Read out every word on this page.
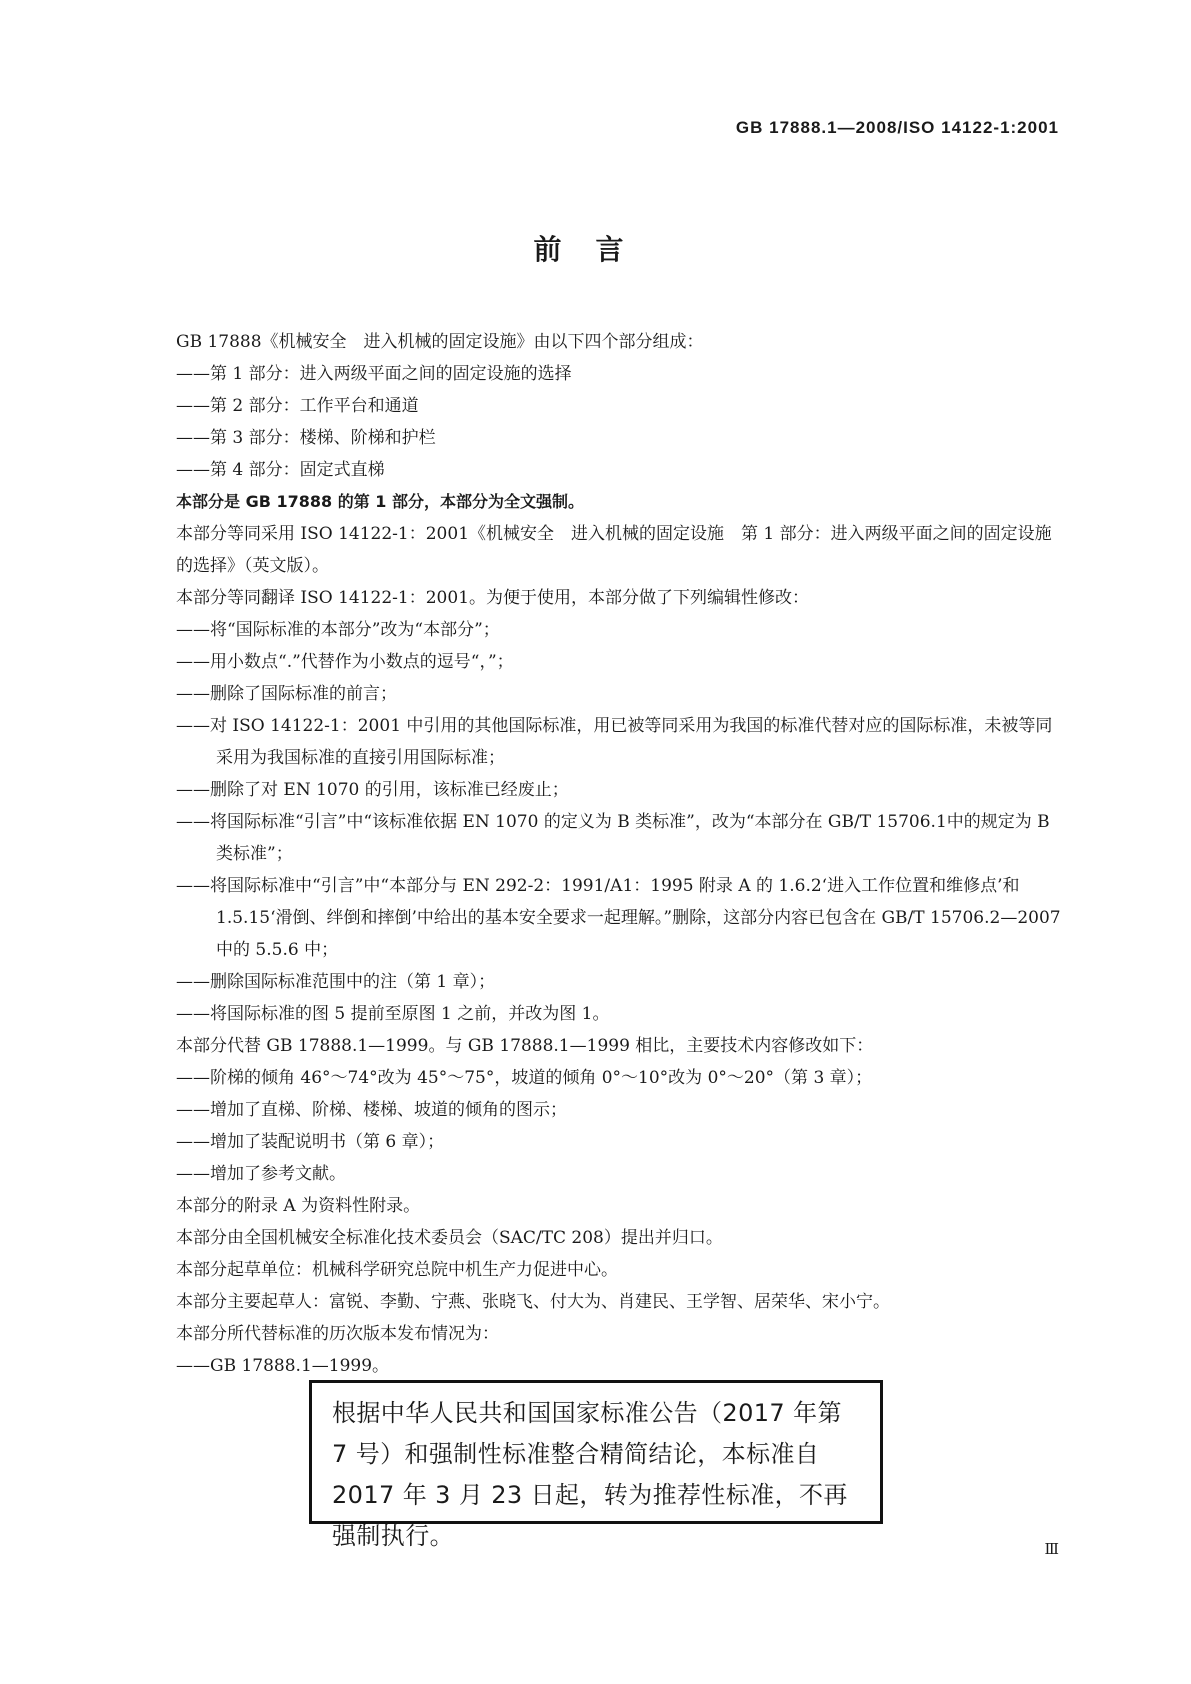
GB 17888.1—2008/ISO 14122-1:2001
前言

GB 17888《机械安全　进入机械的固定设施》由以下四个部分组成：

——第 1 部分：进入两级平面之间的固定设施的选择

——第 2 部分：工作平台和通道

——第 3 部分：楼梯、阶梯和护栏

——第 4 部分：固定式直梯

本部分是 GB 17888 的第 1 部分，本部分为全文强制。

本部分等同采用 ISO 14122-1：2001《机械安全　进入机械的固定设施　第 1 部分：进入两级平面之间的固定设施的选择》（英文版）。

本部分等同翻译 ISO 14122-1：2001。为便于使用，本部分做了下列编辑性修改：

——将“国际标准的本部分”改为“本部分”；

——用小数点“.”代替作为小数点的逗号“，”；

——删除了国际标准的前言；

——对 ISO 14122-1：2001 中引用的其他国际标准，用已被等同采用为我国的标准代替对应的国际标准，未被等同采用为我国标准的直接引用国际标准；

——删除了对 EN 1070 的引用，该标准已经废止；

——将国际标准“引言”中“该标准依据 EN 1070 的定义为 B 类标准”，改为“本部分在 GB/T 15706.1中的规定为 B 类标准”；

——将国际标准中“引言”中“本部分与 EN 292-2：1991/A1：1995 附录 A 的 1.6.2‘进入工作位置和维修点’和 1.5.15‘滑倒、绊倒和摔倒’中给出的基本安全要求一起理解。”删除，这部分内容已包含在 GB/T 15706.2—2007 中的 5.5.6 中；

——删除国际标准范围中的注（第 1 章）；

——将国际标准的图 5 提前至原图 1 之前，并改为图 1。

本部分代替 GB 17888.1—1999。与 GB 17888.1—1999 相比，主要技术内容修改如下：

——阶梯的倾角 46°～74°改为 45°～75°，坡道的倾角 0°～10°改为 0°～20°（第 3 章）；

——增加了直梯、阶梯、楼梯、坡道的倾角的图示；

——增加了装配说明书（第 6 章）；

——增加了参考文献。

本部分的附录 A 为资料性附录。

本部分由全国机械安全标准化技术委员会（SAC/TC 208）提出并归口。

本部分起草单位：机械科学研究总院中机生产力促进中心。

本部分主要起草人：富锐、李勤、宁燕、张晓飞、付大为、肖建民、王学智、居荣华、宋小宁。

本部分所代替标准的历次版本发布情况为：

——GB 17888.1—1999。

根据中华人民共和国国家标准公告（2017 年第 7 号）和强制性标准整合精简结论，本标准自 2017 年 3 月 23 日起，转为推荐性标准，不再强制执行。	Ⅲ
